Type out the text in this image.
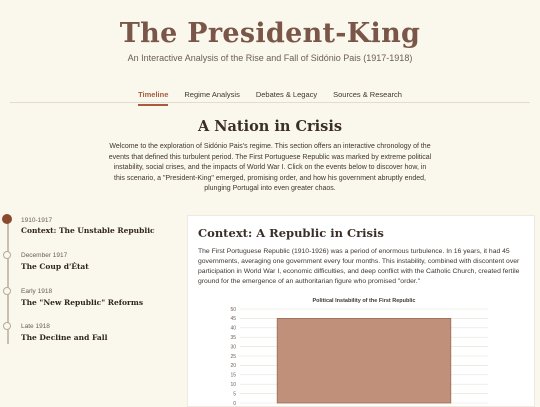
The President-King
An Interactive Analysis of the Rise and Fall of Sidónio Pais (1917-1918)
Timeline Regime Analysis Debates & Legacy Sources & Research
A Nation in Crisis
Welcome to the exploration of Sidónio Pais's regime. This section offers an interactive chronology of the events that defined this turbulent period. The First Portuguese Republic was marked by extreme political instability, social crises, and the impacts of World War I. Click on the events below to discover how, in this scenario, a "President-King" emerged, promising order, and how his government abruptly ended, plunging Portugal into even greater chaos.
1910-1917
Context: The Unstable Republic
December 1917
The Coup d'État
Early 1918
The "New Republic" Reforms
Late 1918
The Decline and Fall
Context: A Republic in Crisis
The First Portuguese Republic (1910-1926) was a period of enormous turbulence. In 16 years, it had 45 governments, averaging one government every four months. This instability, combined with discontent over participation in World War I, economic difficulties, and deep conflict with the Catholic Church, created fertile ground for the emergence of an authoritarian figure who promised "order."
Political Instability of the First Republic
0
5
10
15
20
25
30
35
40
45
50
